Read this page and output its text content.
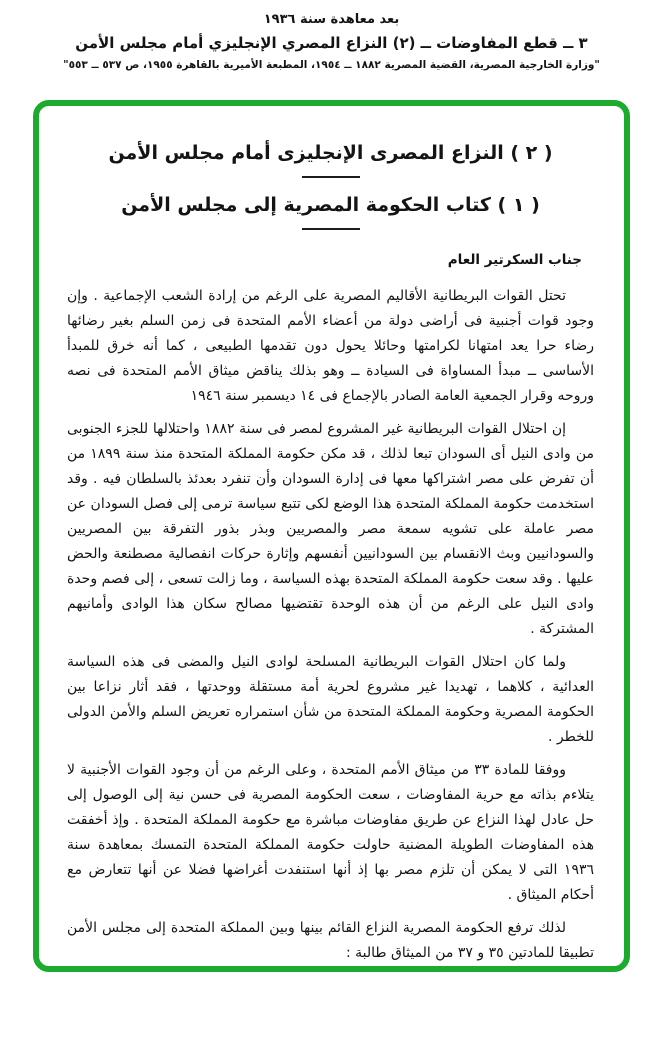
بعد معاهدة سنة ١٩٣٦
٣ ــ قطع المفاوضات ــ (٢) النزاع المصري الإنجليزي أمام مجلس الأمن
"وزارة الخارجية المصرية، القضية المصرية ١٨٨٢ ــ ١٩٥٤، المطبعة الأميرية بالقاهرة ١٩٥٥، ص ٥٣٧ ــ ٥٥٣"
( ٢ ) النزاع المصرى الإنجليزى أمام مجلس الأمن
( ١ ) كتاب الحكومة المصرية إلى مجلس الأمن
جناب السكرتير العام

تحتل القوات البريطانية الأقاليم المصرية على الرغم من إرادة الشعب الإجماعية . وإن وجود قوات أجنبية فى أراضى دولة من أعضاء الأمم المتحدة فى زمن السلم بغير رضائها رضاء حرا يعد امتهانا لكرامتها وحائلا يحول دون تقدمها الطبيعى ، كما أنه خرق للمبدأ الأساسى ــ مبدأ المساواة فى السيادة ــ وهو بذلك يناقض ميثاق الأمم المتحدة فى نصه وروحه وقرار الجمعية العامة الصادر بالإجماع فى ١٤ ديسمبر سنة ١٩٤٦

إن احتلال القوات البريطانية غير المشروع لمصر فى سنة ١٨٨٢ واحتلالها للجزء الجنوبى من وادى النيل أى السودان تبعا لذلك ، قد مكن حكومة المملكة المتحدة منذ سنة ١٨٩٩ من أن تفرض على مصر اشتراكها معها فى إدارة السودان وأن تنفرد بعدئذ بالسلطان فيه . وقد استخدمت حكومة المملكة المتحدة هذا الوضع لكى تتبع سياسة ترمى إلى فصل السودان عن مصر عاملة على تشويه سمعة مصر والمصريين وبذر بذور التفرقة بين المصريين والسودانيين وبث الانقسام بين السودانيين أنفسهم وإثارة حركات انفصالية مصطنعة والحض عليها . وقد سعت حكومة المملكة المتحدة بهذه السياسة ، وما زالت تسعى ، إلى فصم وحدة وادى النيل على الرغم من أن هذه الوحدة تقتضيها مصالح سكان هذا الوادى وأمانيهم المشتركة .

ولما كان احتلال القوات البريطانية المسلحة لوادى النيل والمضى فى هذه السياسة العدائية ، كلاهما ، تهديدا غير مشروع لحرية أمة مستقلة ووحدتها ، فقد أثار نزاعا بين الحكومة المصرية وحكومة المملكة المتحدة من شأن استمراره تعريض السلم والأمن الدولى للخطر .

ووفقا للمادة ٣٣ من ميثاق الأمم المتحدة ، وعلى الرغم من أن وجود القوات الأجنبية لا يتلاءم بذاته مع حرية المفاوضات ، سعت الحكومة المصرية فى حسن نية إلى الوصول إلى حل عادل لهذا النزاع عن طريق مفاوضات مباشرة مع حكومة المملكة المتحدة . وإذ أخفقت هذه المفاوضات الطويلة المضنية حاولت حكومة المملكة المتحدة التمسك بمعاهدة سنة ١٩٣٦ التى لا يمكن أن تلزم مصر بها إذ أنها استنفدت أغراضها فضلا عن أنها تتعارض مع أحكام الميثاق .

لذلك ترفع الحكومة المصرية النزاع القائم بينها وبين المملكة المتحدة إلى مجلس الأمن تطبيقا للمادتين ٣٥ و ٣٧ من الميثاق طالبة :
